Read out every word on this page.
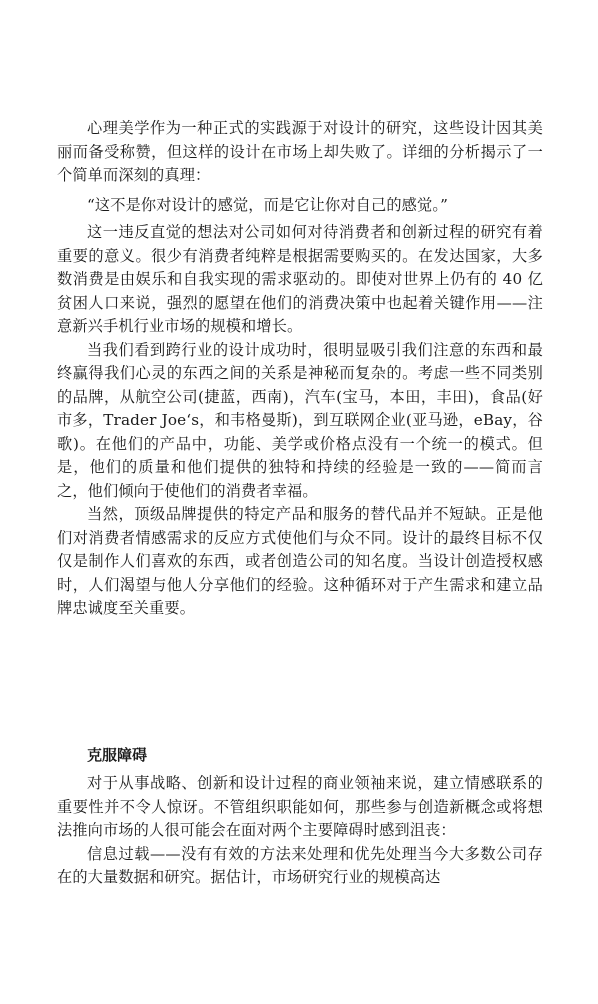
心理美学作为一种正式的实践源于对设计的研究，这些设计因其美丽而备受称赞，但这样的设计在市场上却失败了。详细的分析揭示了一个简单而深刻的真理：

“这不是你对设计的感觉，而是它让你对自己的感觉。”

这一违反直觉的想法对公司如何对待消费者和创新过程的研究有着重要的意义。很少有消费者纯粹是根据需要购买的。在发达国家，大多数消费是由娱乐和自我实现的需求驱动的。即使对世界上仍有的 40 亿贫困人口来说，强烈的愿望在他们的消费决策中也起着关键作用——注意新兴手机行业市场的规模和增长。

当我们看到跨行业的设计成功时，很明显吸引我们注意的东西和最终赢得我们心灵的东西之间的关系是神秘而复杂的。考虑一些不同类别的品牌，从航空公司(捷蓝，西南)，汽车(宝马，本田，丰田)，食品(好市多，Trader Joe‘s，和韦格曼斯)，到互联网企业(亚马逊，eBay，谷歌)。在他们的产品中，功能、美学或价格点没有一个统一的模式。但是，他们的质量和他们提供的独特和持续的经验是一致的——简而言之，他们倾向于使他们的消费者幸福。

当然，顶级品牌提供的特定产品和服务的替代品并不短缺。正是他们对消费者情感需求的反应方式使他们与众不同。设计的最终目标不仅仅是制作人们喜欢的东西，或者创造公司的知名度。当设计创造授权感时，人们渴望与他人分享他们的经验。这种循环对于产生需求和建立品牌忠诚度至关重要。

克服障碍

对于从事战略、创新和设计过程的商业领袖来说，建立情感联系的重要性并不令人惊讶。不管组织职能如何，那些参与创造新概念或将想法推向市场的人很可能会在面对两个主要障碍时感到沮丧：

信息过载——没有有效的方法来处理和优先处理当今大多数公司存在的大量数据和研究。据估计，市场研究行业的规模高达
